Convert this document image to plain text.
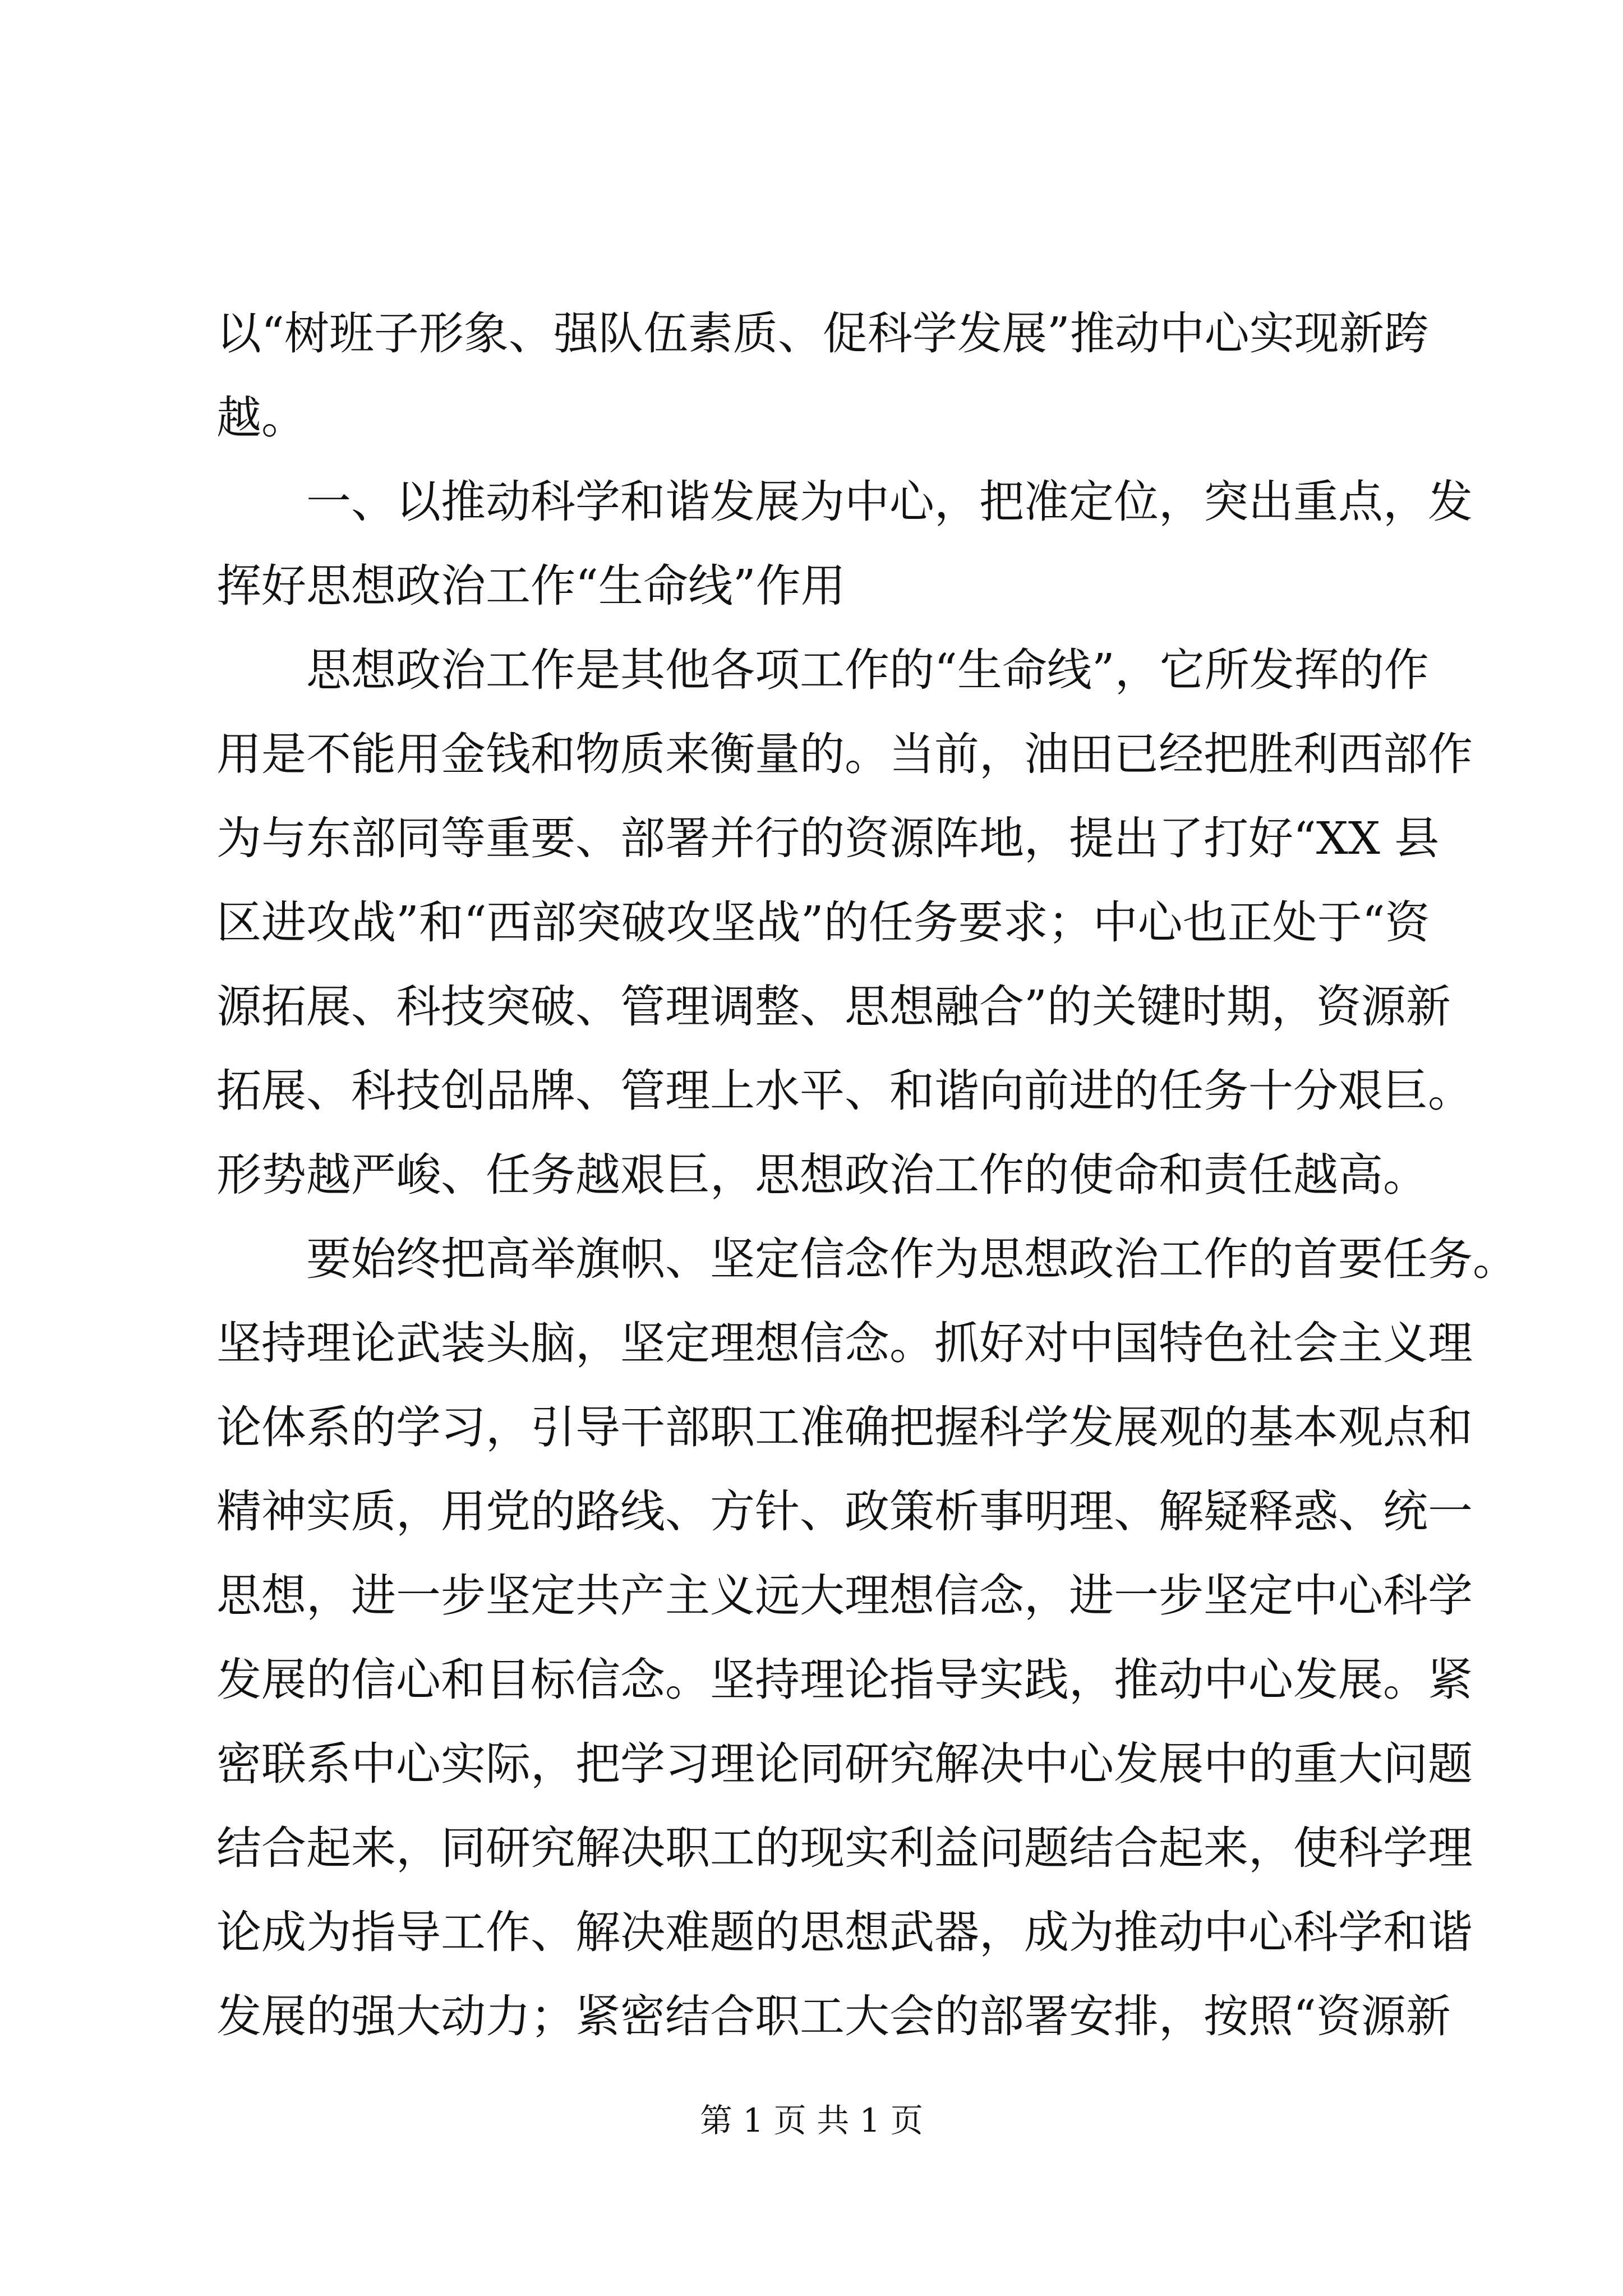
以“树班子形象、强队伍素质、促科学发展”推动中心实现新跨
越。
　　一、以推动科学和谐发展为中心，把准定位，突出重点，发
挥好思想政治工作“生命线”作用
　　思想政治工作是其他各项工作的“生命线”，它所发挥的作
用是不能用金钱和物质来衡量的。当前，油田已经把胜利西部作
为与东部同等重要、部署并行的资源阵地，提出了打好“XX 县
区进攻战”和“西部突破攻坚战”的任务要求；中心也正处于“资
源拓展、科技突破、管理调整、思想融合”的关键时期，资源新
拓展、科技创品牌、管理上水平、和谐向前进的任务十分艰巨。
形势越严峻、任务越艰巨，思想政治工作的使命和责任越高。
　　要始终把高举旗帜、坚定信念作为思想政治工作的首要任务。
坚持理论武装头脑，坚定理想信念。抓好对中国特色社会主义理
论体系的学习，引导干部职工准确把握科学发展观的基本观点和
精神实质，用党的路线、方针、政策析事明理、解疑释惑、统一
思想，进一步坚定共产主义远大理想信念，进一步坚定中心科学
发展的信心和目标信念。坚持理论指导实践，推动中心发展。紧
密联系中心实际，把学习理论同研究解决中心发展中的重大问题
结合起来，同研究解决职工的现实利益问题结合起来，使科学理
论成为指导工作、解决难题的思想武器，成为推动中心科学和谐
发展的强大动力；紧密结合职工大会的部署安排，按照“资源新
第 1 页 共 1 页
